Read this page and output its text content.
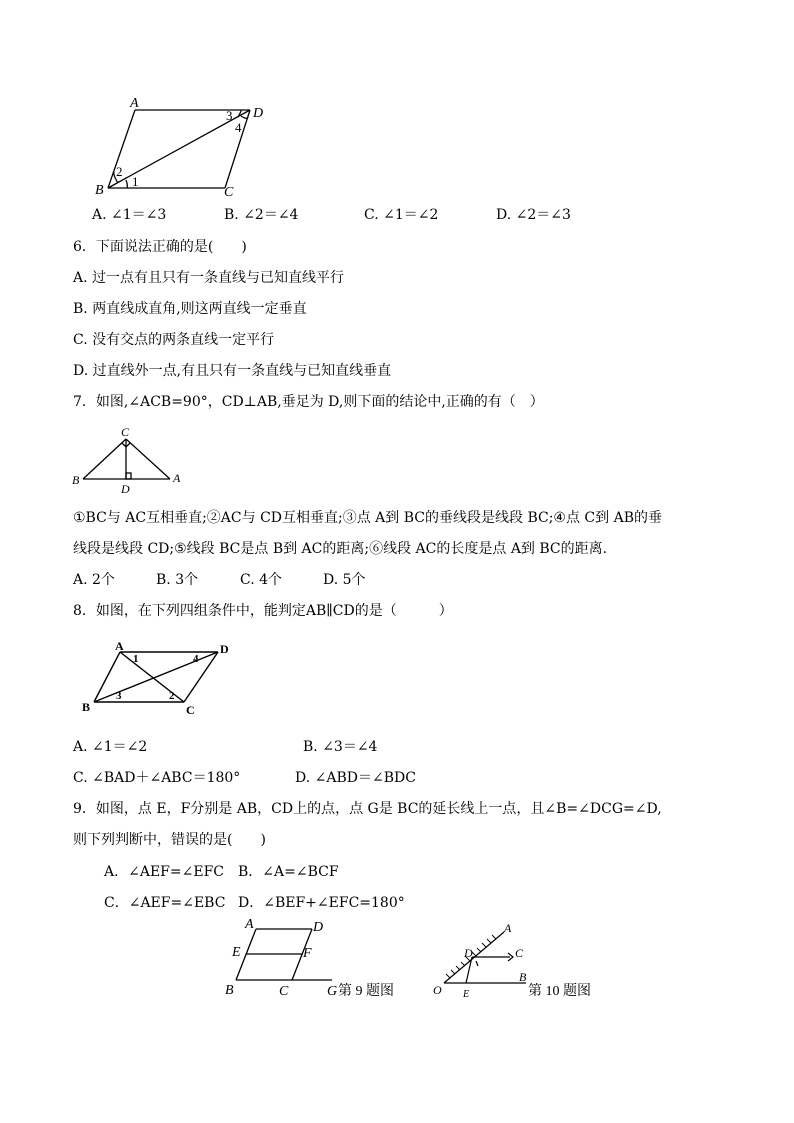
A
D
B	C
1
2
3
4
A. ∠1＝∠3	B. ∠2＝∠4	C. ∠1＝∠2	D. ∠2＝∠3
6．下面说法正确的是(　　)
A. 过一点有且只有一条直线与已知直线平行
B. 两直线成直角,则这两直线一定垂直
C. 没有交点的两条直线一定平行
D. 过直线外一点,有且只有一条直线与已知直线垂直
7．如图,∠ACB=90°，CD⊥AB,垂足为 D,则下面的结论中,正确的有（　）
C
B	A
D
①BC与 AC互相垂直;②AC与 CD互相垂直;③点 A到 BC的垂线段是线段 BC;④点 C到 AB的垂
线段是线段 CD;⑤线段 BC是点 B到 AC的距离;⑥线段 AC的长度是点 A到 BC的距离.
A. 2个	B. 3个	C. 4个	D. 5个
8．如图，在下列四组条件中，能判定AB∥CD的是（　　　）
A	D
B	C
1	4
3	2
A. ∠1＝∠2	B. ∠3＝∠4
C. ∠BAD＋∠ABC＝180°	D. ∠ABD＝∠BDC
9．如图，点 E，F分别是 AB，CD上的点，点 G是 BC的延长线上一点，且∠B=∠DCG=∠D,
则下列判断中，错误的是(　　)
A．∠AEF=∠EFC B．∠A=∠BCF
C．∠AEF=∠EBC D．∠BEF+∠EFC=180°
A	D
E	F
B	C	G 第 9 题图
A
D	C
B
O E	第 10 题图
